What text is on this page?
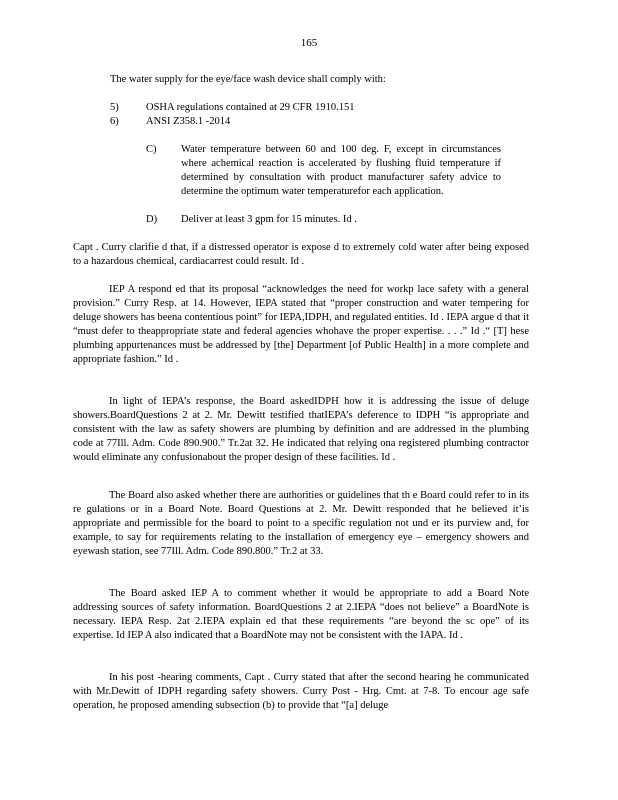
165
The water supply for the eye/face wash device shall comply with:
5)	OSHA regulations contained at 29 CFR 1910.151
6)	ANSI Z358.1 -2014
C) Water temperature between 60 and 100 deg. F, except in circumstances where achemical reaction is accelerated by flushing fluid temperature if determined by consultation with product manufacturer safety advice to determine the optimum water temperaturefor each application.
D) Deliver at least 3 gpm for 15 minutes. Id .

Capt . Curry clarifie d that, if a distressed operator is expose d to extremely cold water after being exposed to a hazardous chemical, cardiacarrest could result. Id .

IEP A respond ed that its proposal “acknowledges the need for workp lace safety with a general provision.” Curry Resp. at 14. However, IEPA stated that “proper construction and water tempering for deluge showers has beena contentious point” for IEPA,IDPH, and regulated entities. Id . IEPA argue d that it “must defer to theappropriate state and federal agencies whohave the proper expertise. . . .” Id .“ [T] hese plumbing appurtenances must be addressed by [the] Department [of Public Health] in a more complete and appropriate fashion.” Id .

In light of IEPA’s response, the Board askedIDPH how it is addressing the issue of deluge showers.BoardQuestions 2 at 2. Mr. Dewitt testified thatIEPA’s deference to IDPH “is appropriate and consistent with the law as safety showers are plumbing by definition and are addressed in the plumbing code at 77Ill. Adm. Code 890.900.” Tr.2at 32. He indicated that relying ona registered plumbing contractor would eliminate any confusionabout the proper design of these facilities. Id .

The Board also asked whether there are authorities or guidelines that th e Board could refer to in its re gulations or in a Board Note. Board Questions at 2. Mr. Dewitt responded that he believed it’is appropriate and permissible for the board to point to a specific regulation not und er its purview and, for example, to say for requirements relating to the installation of emergency eye – emergency showers and eyewash station, see 77Ill. Adm. Code 890.800.” Tr.2 at 33.

The Board asked IEP A to comment whether it would be appropriate to add a Board Note addressing sources of safety information. BoardQuestions 2 at 2.IEPA “does not believe” a BoardNote is necessary. IEPA Resp. 2at 2.IEPA explain ed that these requirements “are beyond the sc ope” of its expertise. Id IEP A also indicated that a BoardNote may not be consistent with the IAPA. Id .

In his post -hearing comments, Capt . Curry stated that after the second hearing he communicated with Mr.Dewitt of IDPH regarding safety showers. Curry Post - Hrg. Cmt. at 7-8. To encour age safe operation, he proposed amending subsection (b) to provide that “[a] deluge
